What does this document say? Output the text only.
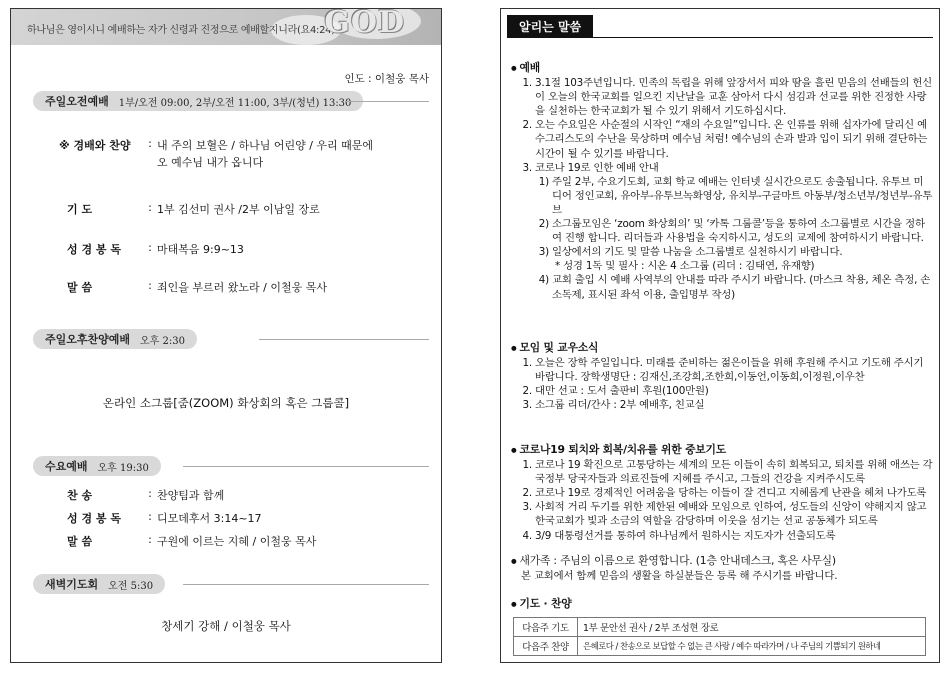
하나님은 영이시니 예배하는 자가 신령과 진정으로 예배할지니라(요4:24)
GOD
인도 : 이철웅 목사
주일오전예배 1부/오전 09:00, 2부/오전 11:00, 3부/(청년) 13:30
※ 경배와 찬양	: 내 주의 보혈은 / 하나님 어린양 / 우리 때문에
오 예수님 내가 옵니다
기 도	: 1부 김선미 권사 /2부 이남일 장로
성 경 봉 독	: 마태복음 9:9~13
말 씀	: 죄인을 부르러 왔노라 / 이철웅 목사
주일오후찬양예배 오후 2:30
온라인 소그룹[줌(ZOOM) 화상회의 혹은 그룹콜]
수요예배 오후 19:30
찬 송	: 찬양팀과 함께
성 경 봉 독	: 디모데후서 3:14~17
말 씀	: 구원에 이르는 지혜 / 이철웅 목사
새벽기도회 오전 5:30
창세기 강해 / 이철웅 목사
알리는 말씀
● 예배
1. 3.1절 103주년입니다. 민족의 독립을 위해 앞장서서 피와 땀을 흘린 믿음의 선배들의 헌신이 오늘의 한국교회를 일으킨 지난날을 교훈 삼아서 다시 섬김과 선교를 위한 진정한 사랑을 실천하는 한국교회가 될 수 있기 위해서 기도하십시다.
2. 오는 수요일은 사순절의 시작인 “재의 수요일”입니다. 온 인류를 위해 십자가에 달리신 예수그리스도의 수난을 묵상하며 예수님 처럼! 예수님의 손과 발과 입이 되기 위해 결단하는 시간이 될 수 있기를 바랍니다.
3. 코로나 19로 인한 예배 안내
1) 주일 2부, 수요기도회, 교회 학교 예배는 인터넷 실시간으로도 송출됩니다. 유투브 미디어 정인교회, 유아부-유투브녹화영상, 유치부-구글마트 아동부/청소년부/청년부-유투브
2) 소그룹모임은 ‘zoom 화상회의’ 및 ‘카톡 그룹콜’등을 통하여 소그룹별로 시간을 정하여 진행 합니다. 리더들과 사용법을 숙지하시고, 성도의 교제에 참여하시기 바랍니다.
3) 일상에서의 기도 및 말씀 나눔을 소그룹별로 실천하시기 바랍니다.
* 성경 1독 및 필사 : 시온 4 소그룹 (리더 : 김태연, 유재향)
4) 교회 출입 시 예배 사역부의 안내를 따라 주시기 바랍니다. (마스크 착용, 체온 측정, 손 소독제, 표시된 좌석 이용, 출입명부 작성)
● 모임 및 교우소식
1. 오늘은 장학 주일입니다. 미래를 준비하는 젊은이들을 위해 후원해 주시고 기도해 주시기 바랍니다. 장학생명단 : 김재신,조강희,조한희,이동언,이동희,이정원,이우찬
2. 대만 선교 : 도서 출판비 후원(100만원)
3. 소그룹 리더/간사 : 2부 예배후, 친교실
● 코로나19 퇴치와 회복/치유를 위한 중보기도
1. 코로나 19 확진으로 고통당하는 세계의 모든 이들이 속히 회복되고, 퇴치를 위해 애쓰는 각국정부 당국자들과 의료진들에 지혜를 주시고, 그들의 건강을 지켜주시도록
2. 코로나 19로 경제적인 어려움을 당하는 이들이 잘 견디고 지혜롭게 난관을 헤쳐 나가도록
3. 사회적 거리 두기를 위한 제한된 예배와 모임으로 인하여, 성도들의 신앙이 약해지지 않고 한국교회가 빛과 소금의 역할을 감당하며 이웃을 섬기는 선교 공동체가 되도록
4. 3/9 대통령선거를 통하여 하나님께서 원하시는 지도자가 선출되도록
● 새가족 : 주님의 이름으로 환영합니다. (1층 안내데스크, 혹은 사무실)
본 교회에서 함께 믿음의 생활을 하실분들은 등록 해 주시기를 바랍니다.
● 기도 · 찬양
다음주 기도	1부 문안선 권사 / 2부 조성현 장로
다음주 찬양	은혜로다 / 찬송으로 보답할 수 없는 큰 사랑 / 예수 따라가며 / 나 주님의 기쁨되기 원하네
